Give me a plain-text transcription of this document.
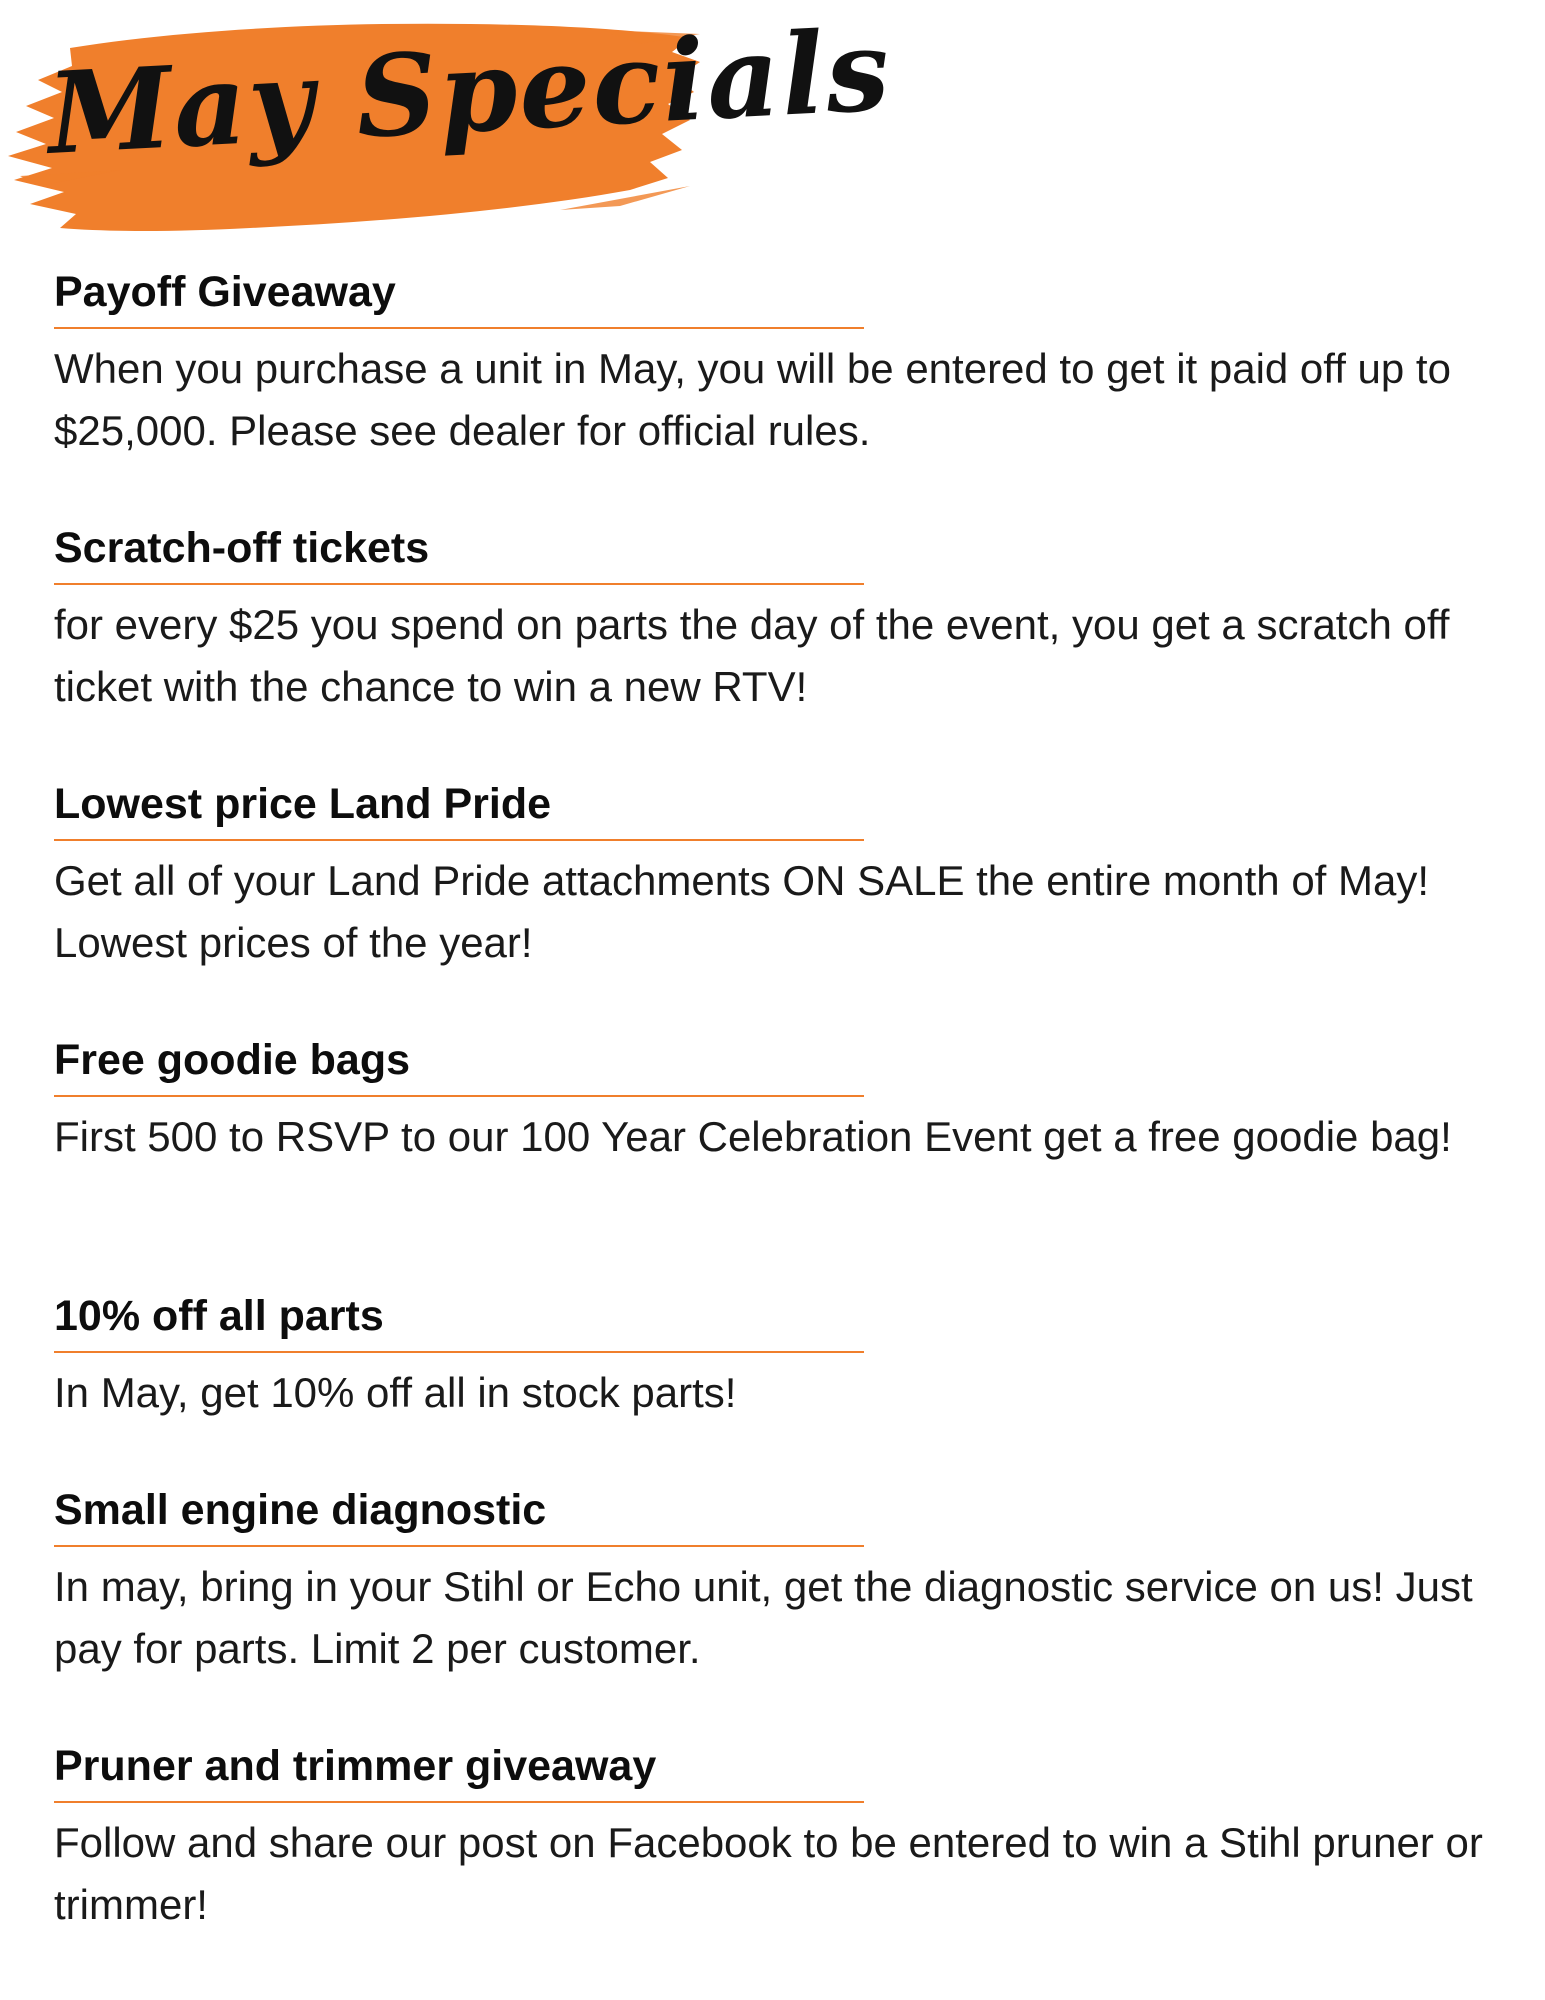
May Specials
Payoff Giveaway
When you purchase a unit in May, you will be entered to get it paid off up to $25,000. Please see dealer for official rules.
Scratch-off tickets
for every $25 you spend on parts the day of the event, you get a scratch off ticket with the chance to win a new RTV!
Lowest price Land Pride
Get all of your Land Pride attachments ON SALE the entire month of May! Lowest prices of the year!
Free goodie bags
First 500 to RSVP to our 100 Year Celebration Event get a free goodie bag!
10% off all parts
In May, get 10% off all in stock parts!
Small engine diagnostic
In may, bring in your Stihl or Echo unit, get the diagnostic service on us! Just pay for parts. Limit 2 per customer.
Pruner and trimmer giveaway
Follow and share our post on Facebook to be entered to win a Stihl pruner or trimmer!
